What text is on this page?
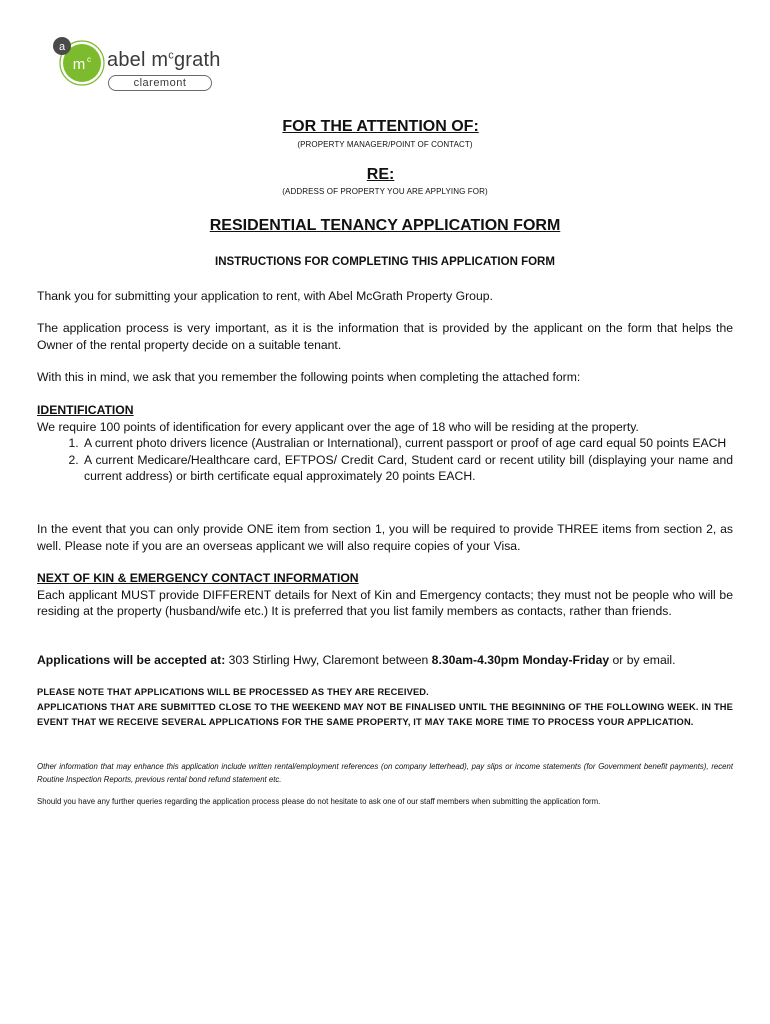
a
m c abel $m^cgrath$
claremont
FOR THE ATTENTION OF:
(PROPERTY MANAGER/POINT OF CONTACT)
RE:
(ADDRESS OF PROPERTY YOU ARE APPLYING FOR)
RESIDENTIAL TENANCY APPLICATION FORM
INSTRUCTIONS FOR COMPLETING THIS APPLICATION FORM
Thank you for submitting your application to rent, with Abel McGrath Property Group.
The application process is very important, as it is the information that is provided by the applicant on the form that helps the Owner of the rental property decide on a suitable tenant.
With this in mind, we ask that you remember the following points when completing the attached form:
IDENTIFICATION
We require 100 points of identification for every applicant over the age of 18 who will be residing at the property.
1. A current photo drivers licence (Australian or International), current passport or proof of age card equal 50 points EACH
2. A current Medicare/Healthcare card, EFTPOS/ Credit Card, Student card or recent utility bill (displaying your name and current address) or birth certificate equal approximately 20 points EACH.
In the event that you can only provide ONE item from section 1, you will be required to provide THREE items from section 2, as well. Please note if you are an overseas applicant we will also require copies of your Visa.
NEXT OF KIN & EMERGENCY CONTACT INFORMATION
Each applicant MUST provide DIFFERENT details for Next of Kin and Emergency contacts; they must not be people who will be residing at the property (husband/wife etc.) It is preferred that you list family members as contacts, rather than friends.
Applications will be accepted at: 303 Stirling Hwy, Claremont between 8.30am-4.30pm Monday-Friday or by email.
PLEASE NOTE THAT APPLICATIONS WILL BE PROCESSED AS THEY ARE RECEIVED.
APPLICATIONS THAT ARE SUBMITTED CLOSE TO THE WEEKEND MAY NOT BE FINALISED UNTIL THE BEGINNING OF THE FOLLOWING WEEK. IN THE EVENT THAT WE RECEIVE SEVERAL APPLICATIONS FOR THE SAME PROPERTY, IT MAY TAKE MORE TIME TO PROCESS YOUR APPLICATION.
Other information that may enhance this application include written rental/employment references (on company letterhead), pay slips or income statements (for Government benefit payments), recent Routine Inspection Reports, previous rental bond refund statement etc.
Should you have any further queries regarding the application process please do not hesitate to ask one of our staff members when submitting the application form.
